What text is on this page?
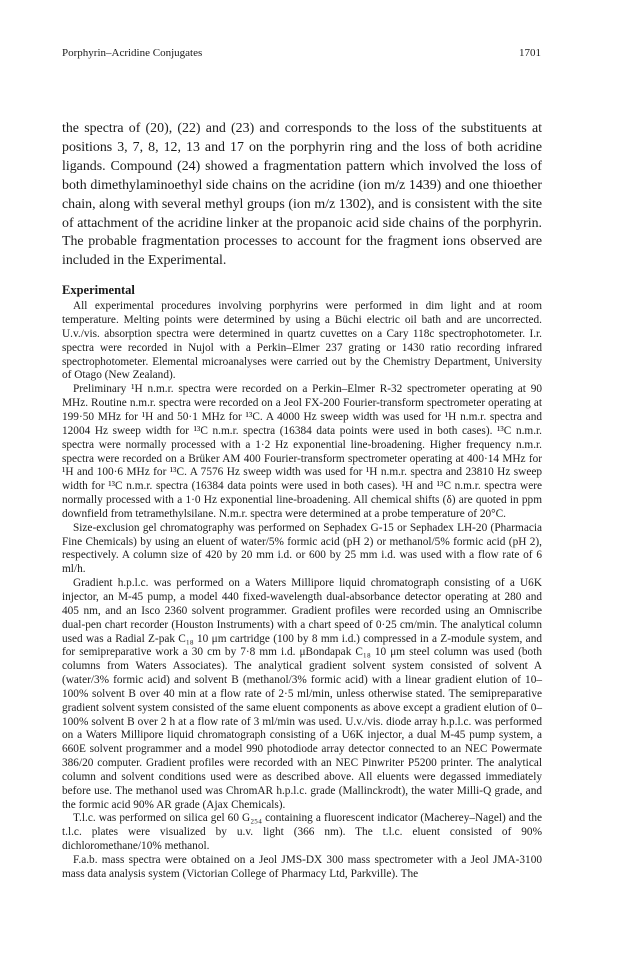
Porphyrin–Acridine Conjugates	1701

the spectra of (20), (22) and (23) and corresponds to the loss of the substituents at positions 3, 7, 8, 12, 13 and 17 on the porphyrin ring and the loss of both acridine ligands. Compound (24) showed a fragmentation pattern which involved the loss of both dimethylaminoethyl side chains on the acridine (ion m/z 1439) and one thioether chain, along with several methyl groups (ion m/z 1302), and is consistent with the site of attachment of the acridine linker at the propanoic acid side chains of the porphyrin. The probable fragmentation processes to account for the fragment ions observed are included in the Experimental.

Experimental

All experimental procedures involving porphyrins were performed in dim light and at room temperature. Melting points were determined by using a Büchi electric oil bath and are uncorrected. U.v./vis. absorption spectra were determined in quartz cuvettes on a Cary 118c spectrophotometer. I.r. spectra were recorded in Nujol with a Perkin–Elmer 237 grating or 1430 ratio recording infrared spectrophotometer. Elemental microanalyses were carried out by the Chemistry Department, University of Otago (New Zealand).

Preliminary ¹H n.m.r. spectra were recorded on a Perkin–Elmer R-32 spectrometer operating at 90 MHz. Routine n.m.r. spectra were recorded on a Jeol FX-200 Fourier-transform spectrometer operating at 199·50 MHz for ¹H and 50·1 MHz for ¹³C. A 4000 Hz sweep width was used for ¹H n.m.r. spectra and 12004 Hz sweep width for ¹³C n.m.r. spectra (16384 data points were used in both cases). ¹³C n.m.r. spectra were normally processed with a 1·2 Hz exponential line-broadening. Higher frequency n.m.r. spectra were recorded on a Brüker AM 400 Fourier-transform spectrometer operating at 400·14 MHz for ¹H and 100·6 MHz for ¹³C. A 7576 Hz sweep width was used for ¹H n.m.r. spectra and 23810 Hz sweep width for ¹³C n.m.r. spectra (16384 data points were used in both cases). ¹H and ¹³C n.m.r. spectra were normally processed with a 1·0 Hz exponential line-broadening. All chemical shifts (δ) are quoted in ppm downfield from tetramethylsilane. N.m.r. spectra were determined at a probe temperature of 20°C.

Size-exclusion gel chromatography was performed on Sephadex G-15 or Sephadex LH-20 (Pharmacia Fine Chemicals) by using an eluent of water/5% formic acid (pH 2) or methanol/5% formic acid (pH 2), respectively. A column size of 420 by 20 mm i.d. or 600 by 25 mm i.d. was used with a flow rate of 6 ml/h.

Gradient h.p.l.c. was performed on a Waters Millipore liquid chromatograph consisting of a U6K injector, an M-45 pump, a model 440 fixed-wavelength dual-absorbance detector operating at 280 and 405 nm, and an Isco 2360 solvent programmer. Gradient profiles were recorded using an Omniscribe dual-pen chart recorder (Houston Instruments) with a chart speed of 0·25 cm/min. The analytical column used was a Radial Z-pak C₁₈ 10 μm cartridge (100 by 8 mm i.d.) compressed in a Z-module system, and for semipreparative work a 30 cm by 7·8 mm i.d. μBondapak C₁₈ 10 μm steel column was used (both columns from Waters Associates). The analytical gradient solvent system consisted of solvent A (water/3% formic acid) and solvent B (methanol/3% formic acid) with a linear gradient elution of 10–100% solvent B over 40 min at a flow rate of 2·5 ml/min, unless otherwise stated. The semipreparative gradient solvent system consisted of the same eluent components as above except a gradient elution of 0–100% solvent B over 2 h at a flow rate of 3 ml/min was used. U.v./vis. diode array h.p.l.c. was performed on a Waters Millipore liquid chromatograph consisting of a U6K injector, a dual M-45 pump system, a 660E solvent programmer and a model 990 photodiode array detector connected to an NEC Powermate 386/20 computer. Gradient profiles were recorded with an NEC Pinwriter P5200 printer. The analytical column and solvent conditions used were as described above. All eluents were degassed immediately before use. The methanol used was ChromAR h.p.l.c. grade (Mallinckrodt), the water Milli-Q grade, and the formic acid 90% AR grade (Ajax Chemicals).

T.l.c. was performed on silica gel 60 G₂₅₄ containing a fluorescent indicator (Macherey–Nagel) and the t.l.c. plates were visualized by u.v. light (366 nm). The t.l.c. eluent consisted of 90% dichloromethane/10% methanol.

F.a.b. mass spectra were obtained on a Jeol JMS-DX 300 mass spectrometer with a Jeol JMA-3100 mass data analysis system (Victorian College of Pharmacy Ltd, Parkville). The
